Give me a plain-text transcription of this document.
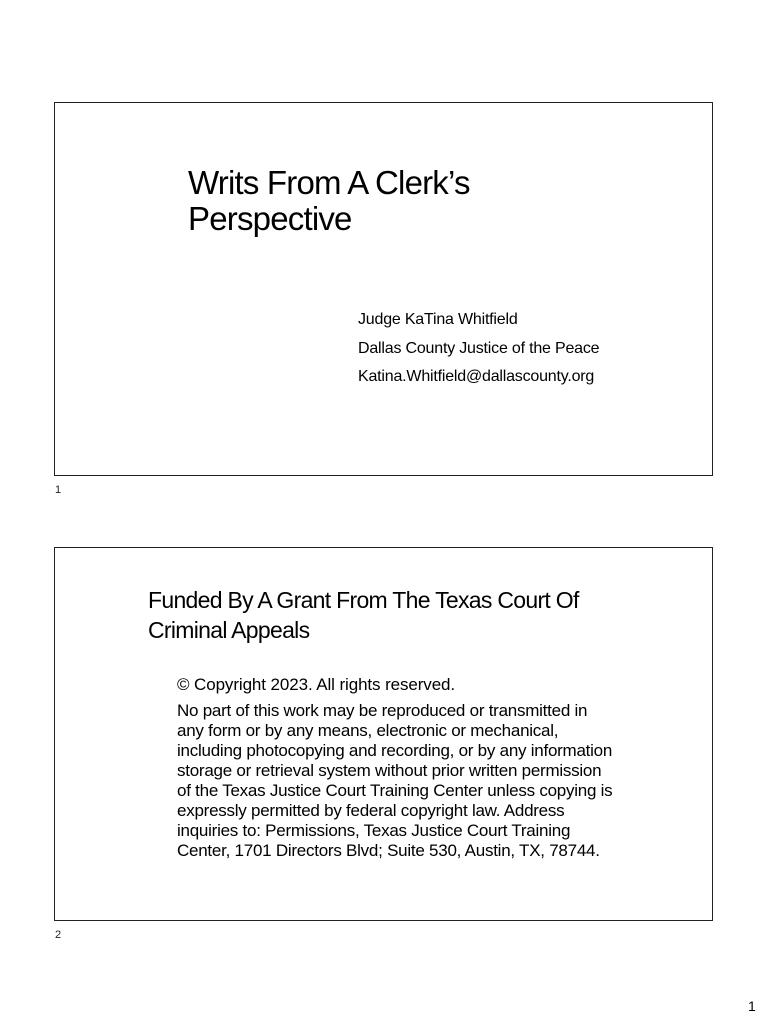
Writs From A Clerk’s
Perspective
Judge KaTina Whitfield
Dallas County Justice of the Peace
Katina.Whitfield@dallascounty.org
1
Funded By A Grant From The Texas Court Of
Criminal Appeals
© Copyright 2023. All rights reserved.
No part of this work may be reproduced or transmitted in
any form or by any means, electronic or mechanical,
including photocopying and recording, or by any information
storage or retrieval system without prior written permission
of the Texas Justice Court Training Center unless copying is
expressly permitted by federal copyright law. Address
inquiries to: Permissions, Texas Justice Court Training
Center, 1701 Directors Blvd; Suite 530, Austin, TX, 78744.
2
1
